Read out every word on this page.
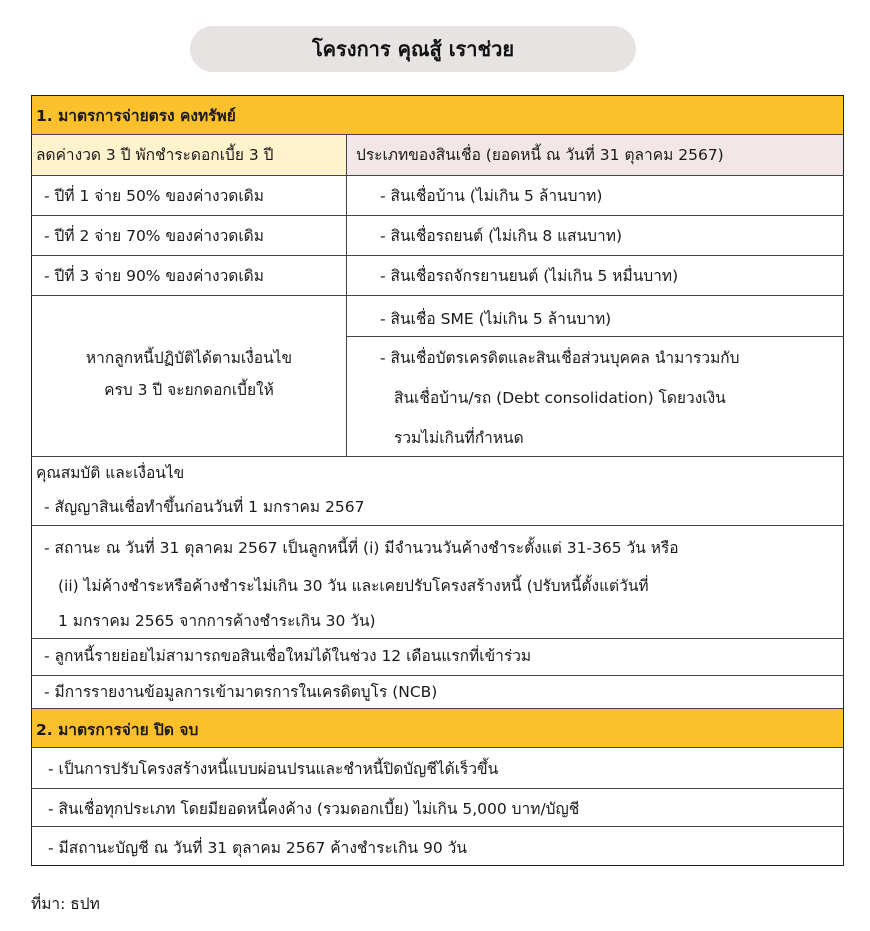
โครงการ คุณสู้ เราช่วย
1. มาตรการจ่ายตรง คงทรัพย์
ลดค่างวด 3 ปี พักชำระดอกเบี้ย 3 ปี	ประเภทของสินเชื่อ (ยอดหนี้ ณ วันที่ 31 ตุลาคม 2567)
- ปีที่ 1 จ่าย 50% ของค่างวดเดิม
- ปีที่ 2 จ่าย 70% ของค่างวดเดิม
- ปีที่ 3 จ่าย 90% ของค่างวดเดิม
หากลูกหนี้ปฏิบัติได้ตามเงื่อนไข
ครบ 3 ปี จะยกดอกเบี้ยให้
- สินเชื่อบ้าน (ไม่เกิน 5 ล้านบาท)
- สินเชื่อรถยนต์ (ไม่เกิน 8 แสนบาท)
- สินเชื่อรถจักรยานยนต์ (ไม่เกิน 5 หมื่นบาท)
- สินเชื่อ SME (ไม่เกิน 5 ล้านบาท)
- สินเชื่อบัตรเครดิตและสินเชื่อส่วนบุคคล นำมารวมกับ
สินเชื่อบ้าน/รถ (Debt consolidation) โดยวงเงิน
รวมไม่เกินที่กำหนด
คุณสมบัติ และเงื่อนไข
- สัญญาสินเชื่อทำขึ้นก่อนวันที่ 1 มกราคม 2567
- สถานะ ณ วันที่ 31 ตุลาคม 2567 เป็นลูกหนี้ที่ (i) มีจำนวนวันค้างชำระตั้งแต่ 31-365 วัน หรือ
(ii) ไม่ค้างชำระหรือค้างชำระไม่เกิน 30 วัน และเคยปรับโครงสร้างหนี้ (ปรับหนี้ตั้งแต่วันที่
1 มกราคม 2565 จากการค้างชำระเกิน 30 วัน)
- ลูกหนี้รายย่อยไม่สามารถขอสินเชื่อใหม่ได้ในช่วง 12 เดือนแรกที่เข้าร่วม
- มีการรายงานข้อมูลการเข้ามาตรการในเครดิตบูโร (NCB)
2. มาตรการจ่าย ปิด จบ
- เป็นการปรับโครงสร้างหนี้แบบผ่อนปรนและชำหนี้ปิดบัญชีได้เร็วขึ้น
- สินเชื่อทุกประเภท โดยมียอดหนี้คงค้าง (รวมดอกเบี้ย) ไม่เกิน 5,000 บาท/บัญชี
- มีสถานะบัญชี ณ วันที่ 31 ตุลาคม 2567 ค้างชำระเกิน 90 วัน
ที่มา: ธปท
